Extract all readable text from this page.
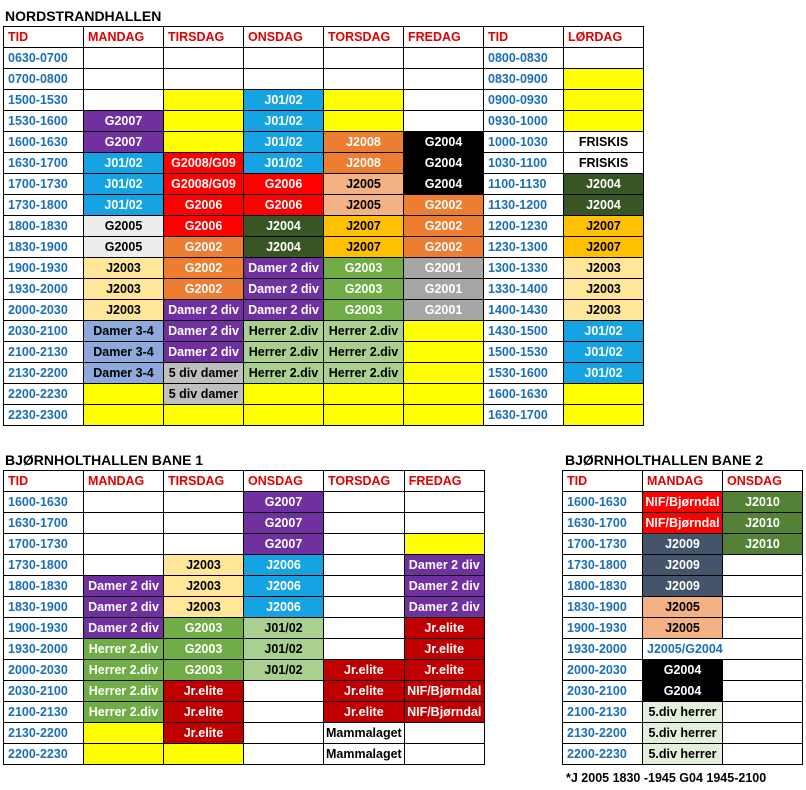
NORDSTRANDHALLEN
TID	MANDAG	TIRSDAG	ONSDAG	TORSDAG	FREDAG	TID	LØRDAG
0630-0700						0800-0830	
0700-0800						0830-0900	
1500-1530			J01/02			0900-0930	
1530-1600	G2007		J01/02			0930-1000	
1600-1630	G2007		J01/02	J2008	G2004	1000-1030	FRISKIS
1630-1700	J01/02	G2008/G09	J01/02	J2008	G2004	1030-1100	FRISKIS
1700-1730	J01/02	G2008/G09	G2006	J2005	G2004	1100-1130	J2004
1730-1800	J01/02	G2006	G2006	J2005	G2002	1130-1200	J2004
1800-1830	G2005	G2006	J2004	J2007	G2002	1200-1230	J2007
1830-1900	G2005	G2002	J2004	J2007	G2002	1230-1300	J2007
1900-1930	J2003	G2002	Damer 2 div	G2003	G2001	1300-1330	J2003
1930-2000	J2003	G2002	Damer 2 div	G2003	G2001	1330-1400	J2003
2000-2030	J2003	Damer 2 div	Damer 2 div	G2003	G2001	1400-1430	J2003
2030-2100	Damer 3-4	Damer 2 div	Herrer 2.div	Herrer 2.div		1430-1500	J01/02
2100-2130	Damer 3-4	Damer 2 div	Herrer 2.div	Herrer 2.div		1500-1530	J01/02
2130-2200	Damer 3-4	5 div damer	Herrer 2.div	Herrer 2.div		1530-1600	J01/02
2200-2230		5 div damer				1600-1630	
2230-2300						1630-1700	
BJØRNHOLTHALLEN BANE 1
TID	MANDAG	TIRSDAG	ONSDAG	TORSDAG	FREDAG
1600-1630			G2007		
1630-1700			G2007		
1700-1730			G2007		
1730-1800		J2003	J2006		Damer 2 div
1800-1830	Damer 2 div	J2003	J2006		Damer 2 div
1830-1900	Damer 2 div	J2003	J2006		Damer 2 div
1900-1930	Damer 2 div	G2003	J01/02		Jr.elite
1930-2000	Herrer 2.div	G2003	J01/02		Jr.elite
2000-2030	Herrer 2.div	G2003	J01/02	Jr.elite	Jr.elite
2030-2100	Herrer 2.div	Jr.elite		Jr.elite	NIF/Bjørndal
2100-2130	Herrer 2.div	Jr.elite		Jr.elite	NIF/Bjørndal
2130-2200		Jr.elite		Mammalaget	
2200-2230				Mammalaget	
BJØRNHOLTHALLEN BANE 2
TID	MANDAG	ONSDAG
1600-1630	NIF/Bjørndal	J2010
1630-1700	NIF/Bjørndal	J2010
1700-1730	J2009	J2010
1730-1800	J2009	
1800-1830	J2009	
1830-1900	J2005	
1900-1930	J2005	
1930-2000	J2005/G2004	
2000-2030	G2004	
2030-2100	G2004	
2100-2130	5.div herrer	
2130-2200	5.div herrer	
2200-2230	5.div herrer	
*J 2005 1830 -1945 G04 1945-2100
